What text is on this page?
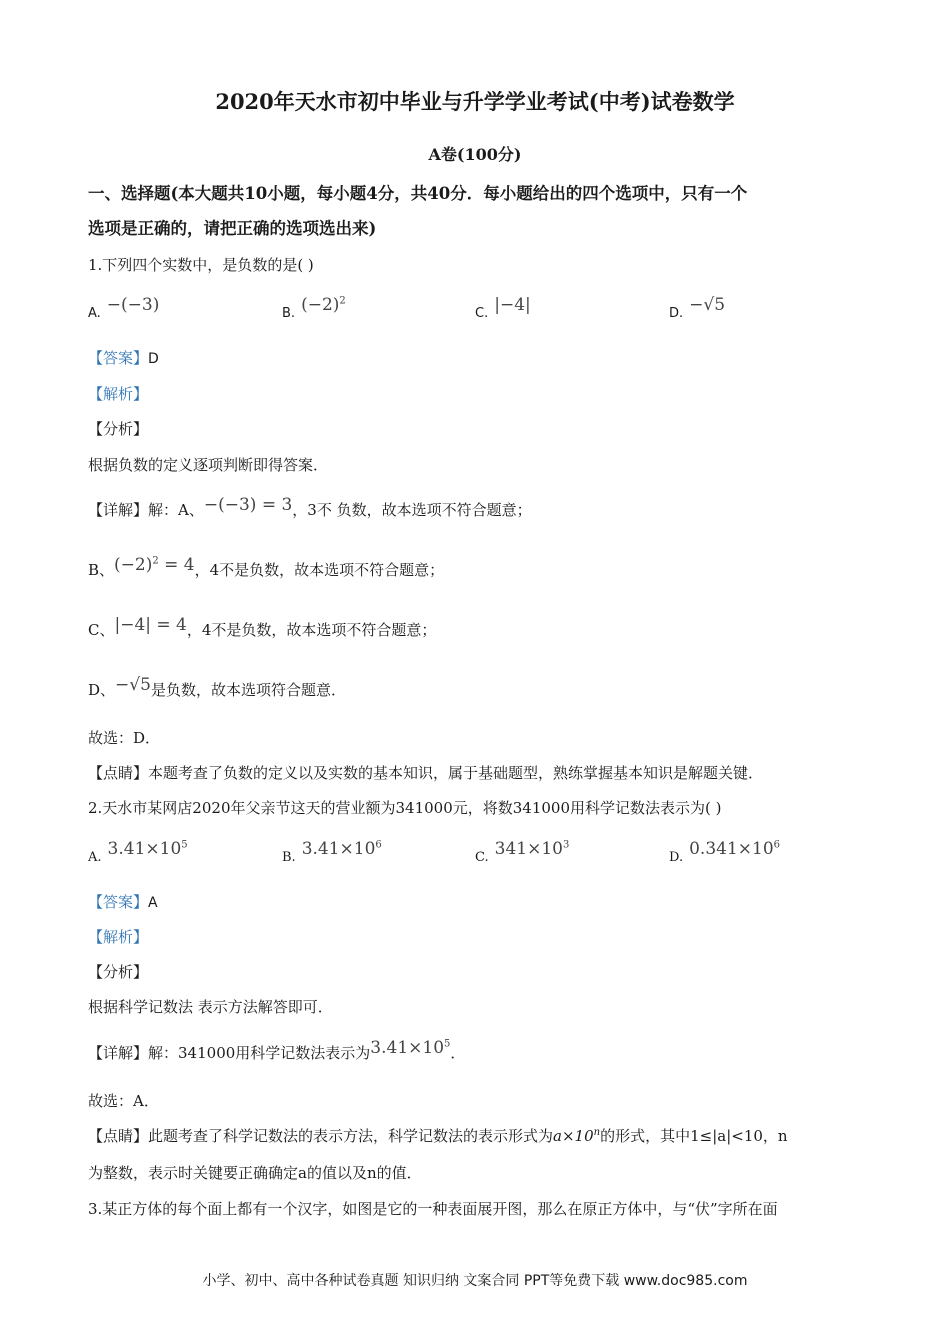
2020年天水市初中毕业与升学学业考试(中考)试卷数学
A卷(100分)
一、选择题(本大题共10小题，每小题4分，共40分．每小题给出的四个选项中，只有一个
选项是正确的，请把正确的选项选出来)
1.下列四个实数中，是负数的是( )
A. −(−3)	B. $(-2)^2$
C. |−4|	D. −√5
【答案】D
【解析】
【分析】
根据负数的定义逐项判断即得答案．
【详解】解：A、−(−3) = 3，3不 负数，故本选项不符合题意；
B、$(-2)^2 = 4$，4不是负数，故本选项不符合题意；
C、|−4| = 4，4不是负数，故本选项不符合题意；
D、−√5是负数，故本选项符合题意．
故选：D．
【点睛】本题考查了负数的定义以及实数的基本知识，属于基础题型，熟练掌握基本知识是解题关键．
2.天水市某网店2020年父亲节这天的营业额为341000元，将数341000用科学记数法表示为( )
A. $3.41\times 10^5$
B. $3.41\times 10^6$
C. $341\times 10^3$
D. $0.341\times 10^6$
【答案】A
【解析】
【分析】
根据科学记数法 表示方法解答即可．
【详解】解：341000用科学记数法表示为$3.41\times 10^5$．
故选：A．
【点睛】此题考查了科学记数法的表示方法，科学记数法的表示形式为$a\times 10^n$的形式，其中1≤|a|<10，n
为整数，表示时关键要正确确定a的值以及n的值．
3.某正方体的每个面上都有一个汉字，如图是它的一种表面展开图，那么在原正方体中，与“伏”字所在面
小学、初中、高中各种试卷真题 知识归纳 文案合同 PPT等免费下载 www.doc985.com
